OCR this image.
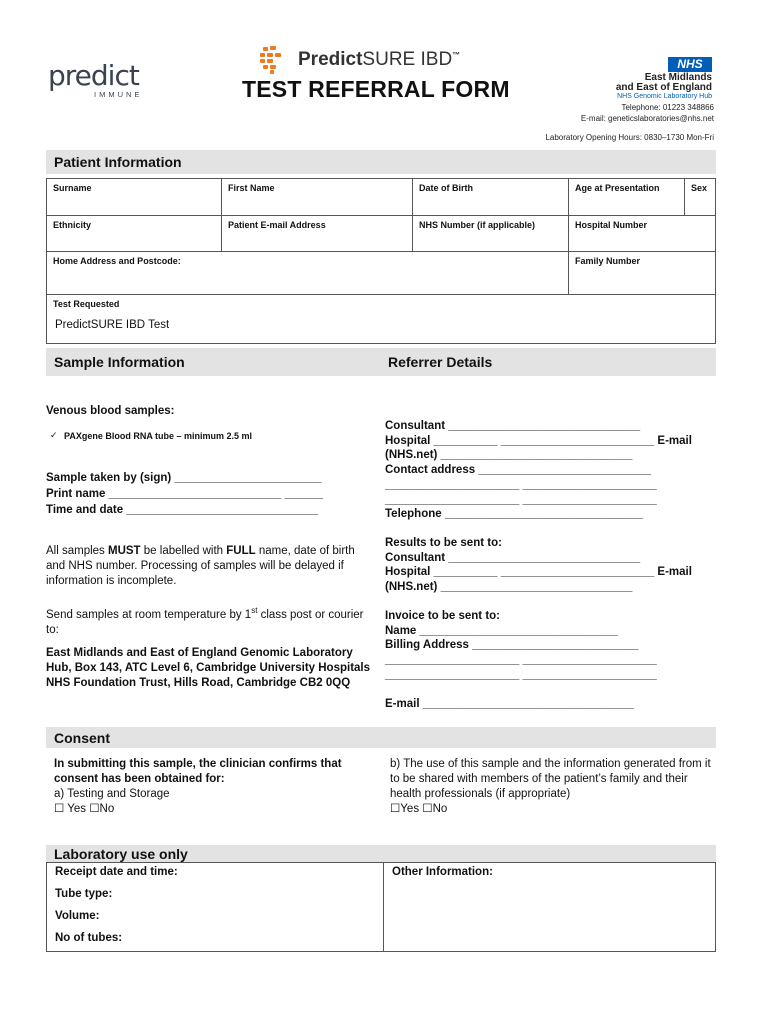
predict
IMMUNE
PredictSURE IBD™
TEST REFERRAL FORM
NHS
East Midlands
and East of England
NHS Genomic Laboratory Hub
Telephone: 01223 348866
E-mail: geneticslaboratories@nhs.net
Laboratory Opening Hours: 0830–1730 Mon-Fri
Patient Information
Surname	First Name	Date of Birth	Age at Presentation	Sex
Ethnicity	Patient E-mail Address	NHS Number (if applicable)	Hospital Number
Home Address and Postcode:	Family Number
Test Requested
PredictSURE IBD Test
Sample Information	Referrer Details
Venous blood samples:
✓ PAXgene Blood RNA tube – minimum 2.5 ml
Sample taken by (sign) _______________________
Print name ___________________________ ______
Time and date ______________________________
All samples MUST be labelled with FULL name, date of birth and NHS number. Processing of samples will be delayed if information is incomplete.
Send samples at room temperature by 1st class post or courier to:
East Midlands and East of England Genomic Laboratory Hub, Box 143, ATC Level 6, Cambridge University Hospitals NHS Foundation Trust, Hills Road, Cambridge CB2 0QQ
Consultant ______________________________
Hospital __________ ________________________ E-mail
(NHS.net) ______________________________
Contact address ___________________________
_____________________ _____________________
_____________________ _____________________
Telephone _______________________________
Results to be sent to:
Consultant ______________________________
Hospital __________ ________________________ E-mail
(NHS.net) ______________________________
Invoice to be sent to:
Name _______________________________
Billing Address __________________________
_____________________ _____________________
_____________________ _____________________
E-mail _________________________________
Consent
In submitting this sample, the clinician confirms that consent has been obtained for:
a) Testing and Storage
☐ Yes ☐No
b) The use of this sample and the information generated from it to be shared with members of the patient’s family and their health professionals (if appropriate)
☐Yes ☐No
Laboratory use only
Receipt date and time:
Tube type:
Volume:
No of tubes:
Other Information:
